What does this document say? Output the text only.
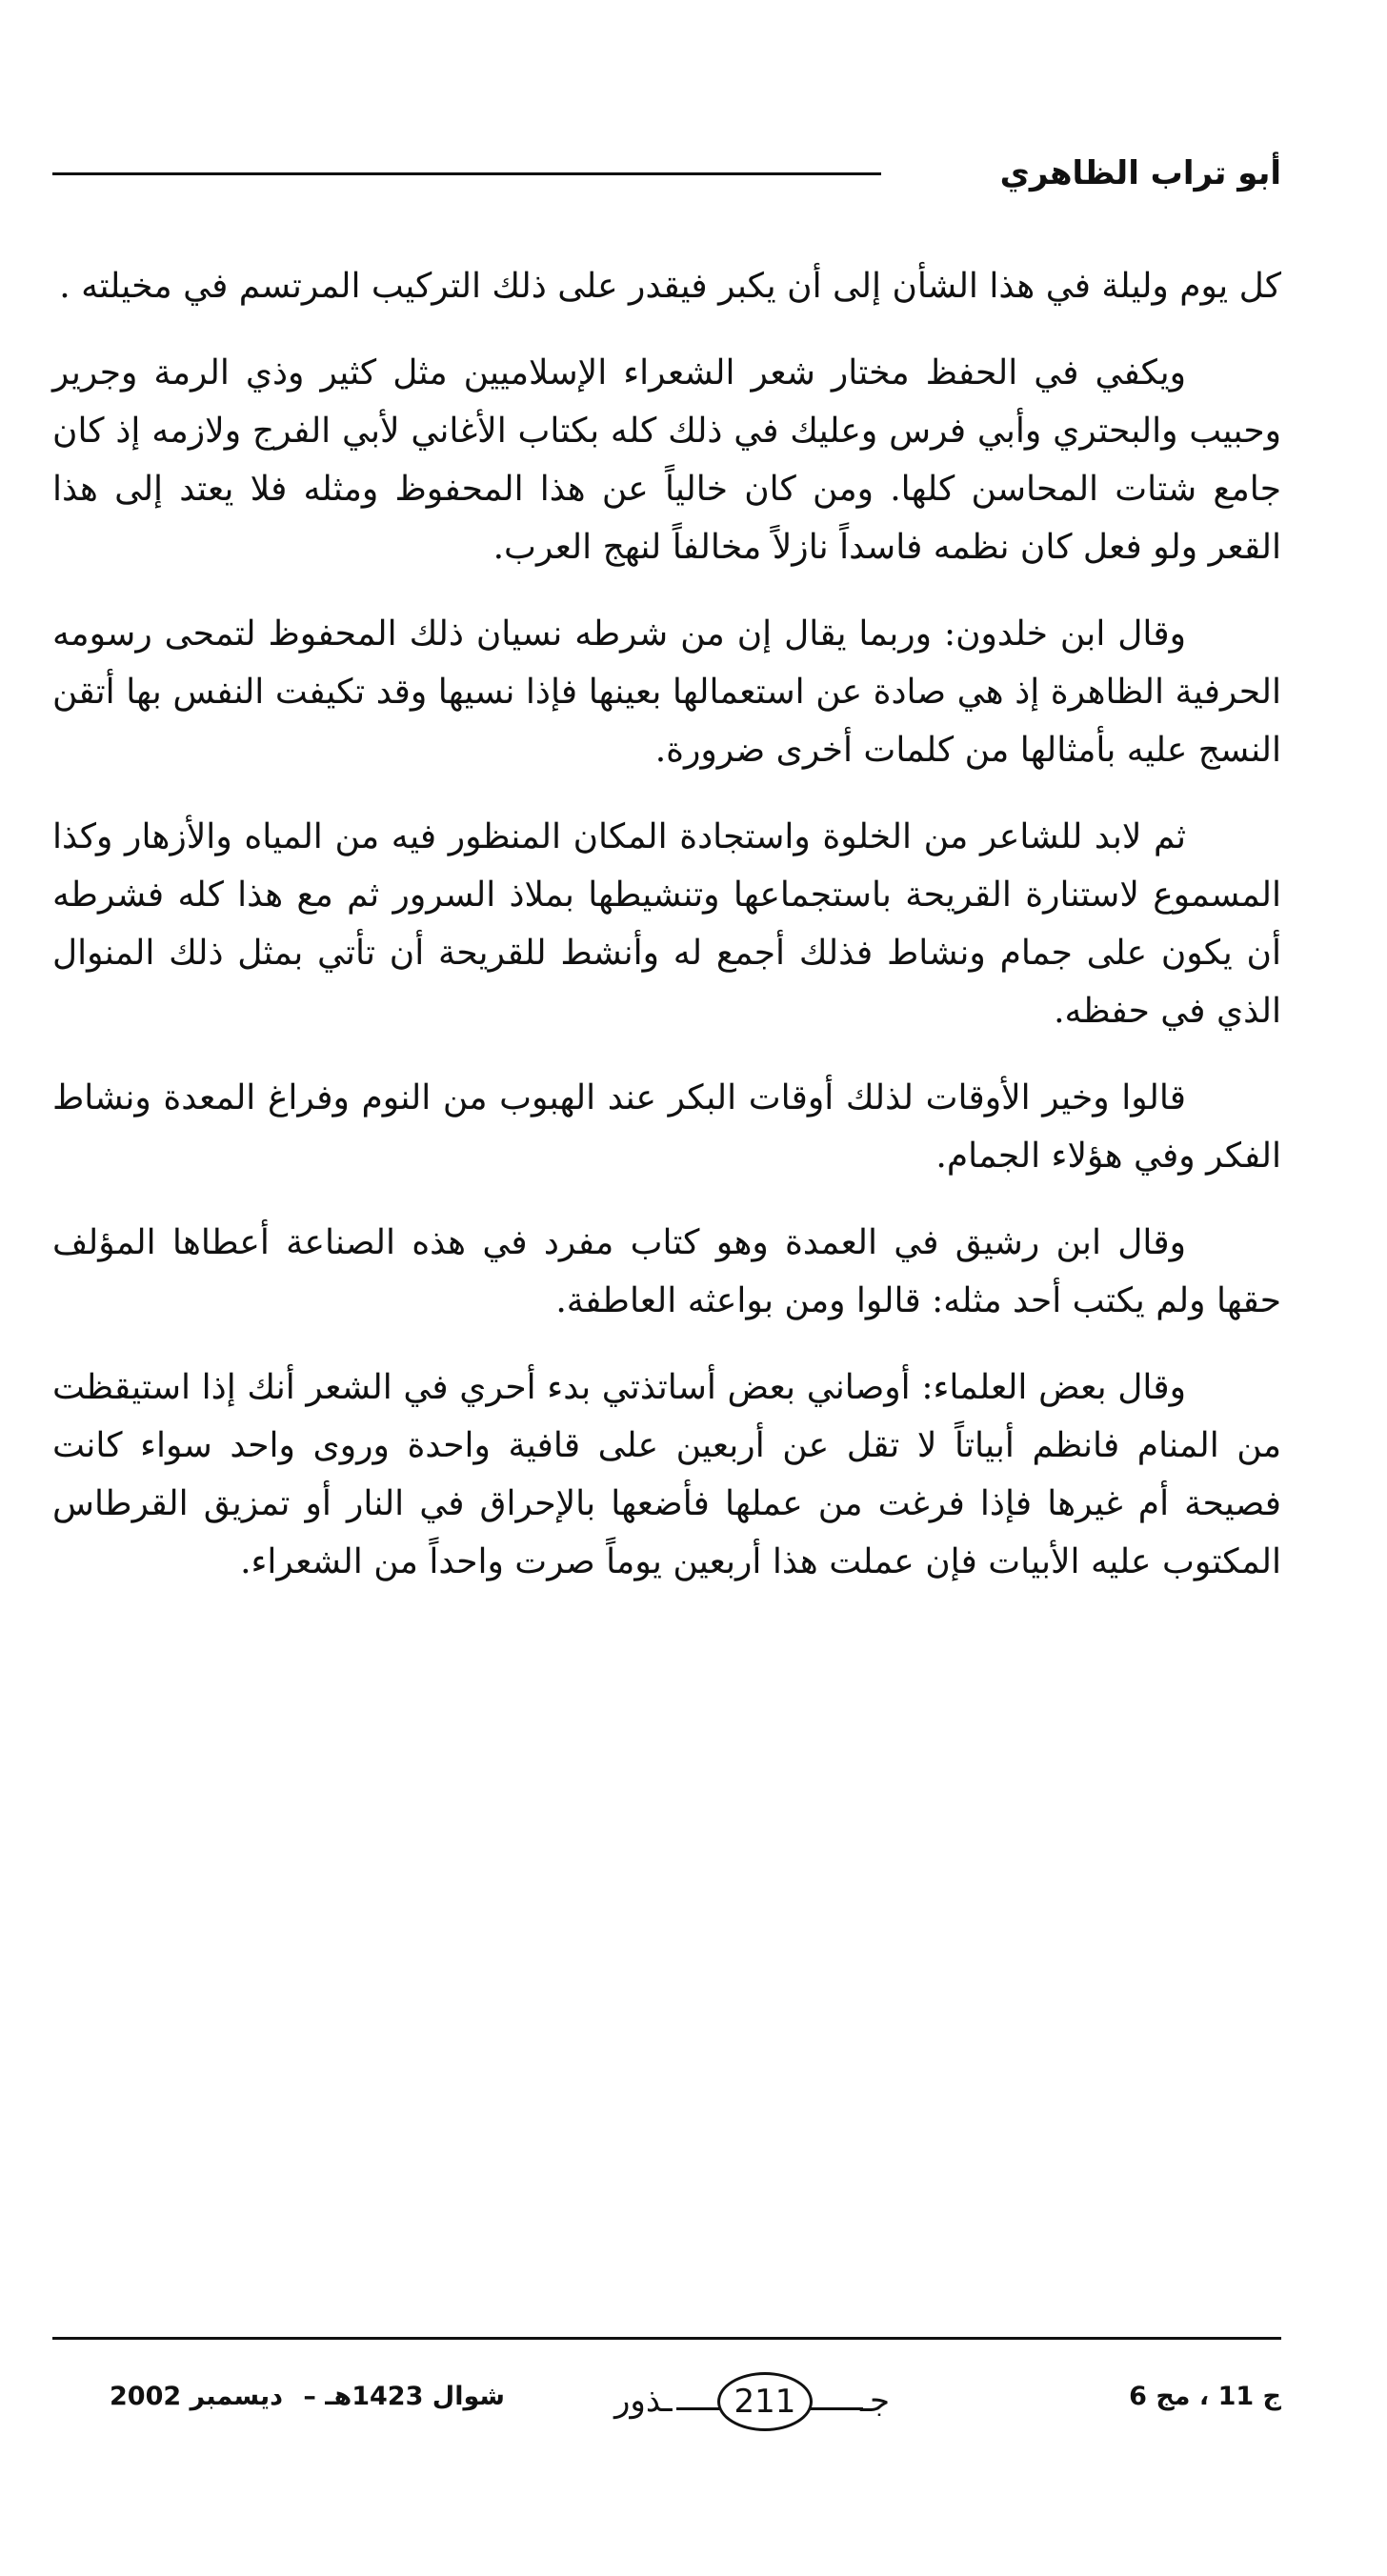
أبو تراب الظاهري

كل يوم وليلة في هذا الشأن إلى أن يكبر فيقدر على ذلك التركيب المرتسم في مخيلته .

ويكفي في الحفظ مختار شعر الشعراء الإسلاميين مثل كثير وذي الرمة وجرير وحبيب والبحتري وأبي فرس وعليك في ذلك كله بكتاب الأغاني لأبي الفرج ولازمه إذ كان جامع شتات المحاسن كلها. ومن كان خالياً عن هذا المحفوظ ومثله فلا يعتد إلى هذا القعر ولو فعل كان نظمه فاسداً نازلاً مخالفاً لنهج العرب.

وقال ابن خلدون: وربما يقال إن من شرطه نسيان ذلك المحفوظ لتمحى رسومه الحرفية الظاهرة إذ هي صادة عن استعمالها بعينها فإذا نسيها وقد تكيفت النفس بها أتقن النسج عليه بأمثالها من كلمات أخرى ضرورة.

ثم لابد للشاعر من الخلوة واستجادة المكان المنظور فيه من المياه والأزهار وكذا المسموع لاستنارة القريحة باستجماعها وتنشيطها بملاذ السرور ثم مع هذا كله فشرطه أن يكون على جمام ونشاط فذلك أجمع له وأنشط للقريحة أن تأتي بمثل ذلك المنوال الذي في حفظه.

قالوا وخير الأوقات لذلك أوقات البكر عند الهبوب من النوم وفراغ المعدة ونشاط الفكر وفي هؤلاء الجمام.

وقال ابن رشيق في العمدة وهو كتاب مفرد في هذه الصناعة أعطاها المؤلف حقها ولم يكتب أحد مثله: قالوا ومن بواعثه العاطفة.

وقال بعض العلماء: أوصاني بعض أساتذتي بدء أحري في الشعر أنك إذا استيقظت من المنام فانظم أبياتاً لا تقل عن أربعين على قافية واحدة وروى واحد سواء كانت فصيحة أم غيرها فإذا فرغت من عملها فأضعها بالإحراق في النار أو تمزيق القرطاس المكتوب عليه الأبيات فإن عملت هذا أربعين يوماً صرت واحداً من الشعراء.

ديسمبر 2002 شوال 1423هـ –	ـذور	211	جـ	ج 11 ، مج 6
